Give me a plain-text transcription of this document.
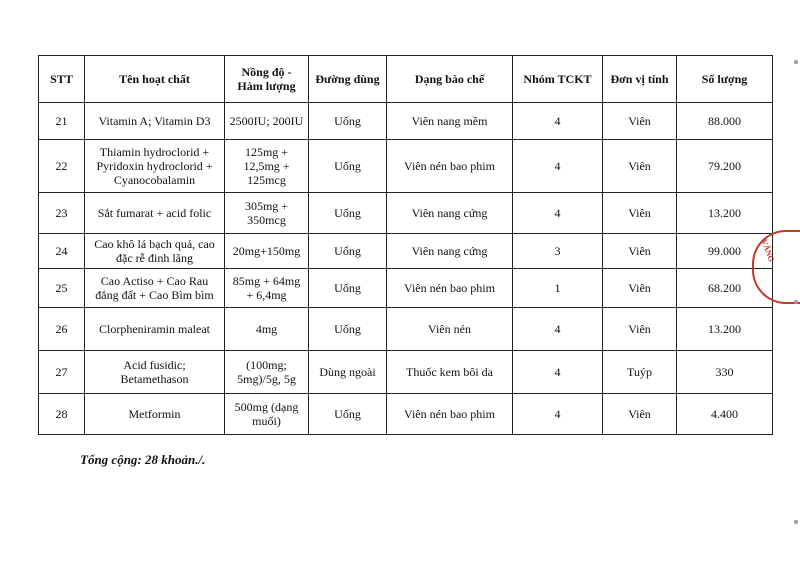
STT	Tên hoạt chất	Nồng độ - Hàm lượng	Đường dùng	Dạng bào chế	Nhóm TCKT	Đơn vị tính	Số lượng
21	Vitamin A; Vitamin D3	2500IU; 200IU	Uống	Viên nang mềm	4	Viên	88.000
22	Thiamin hydroclorid + Pyridoxin hydroclorid + Cyanocobalamin	125mg + 12,5mg + 125mcg	Uống	Viên nén bao phim	4	Viên	79.200
23	Sắt fumarat + acid folic	305mg + 350mcg	Uống	Viên nang cứng	4	Viên	13.200
24	Cao khô lá bạch quả, cao đặc rễ đinh lăng	20mg+150mg	Uống	Viên nang cứng	3	Viên	99.000
25	Cao Actiso + Cao Rau đắng đất + Cao Bìm bìm	85mg + 64mg + 6,4mg	Uống	Viên nén bao phim	1	Viên	68.200
26	Clorpheniramin maleat	4mg	Uống	Viên nén	4	Viên	13.200
27	Acid fusidic; Betamethason	(100mg; 5mg)/5g, 5g	Dùng ngoài	Thuốc kem bôi da	4	Tuýp	330
28	Metformin	500mg (dạng muối)	Uống	Viên nén bao phim	4	Viên	4.400
Tổng cộng: 28 khoản./.
VĂNG
